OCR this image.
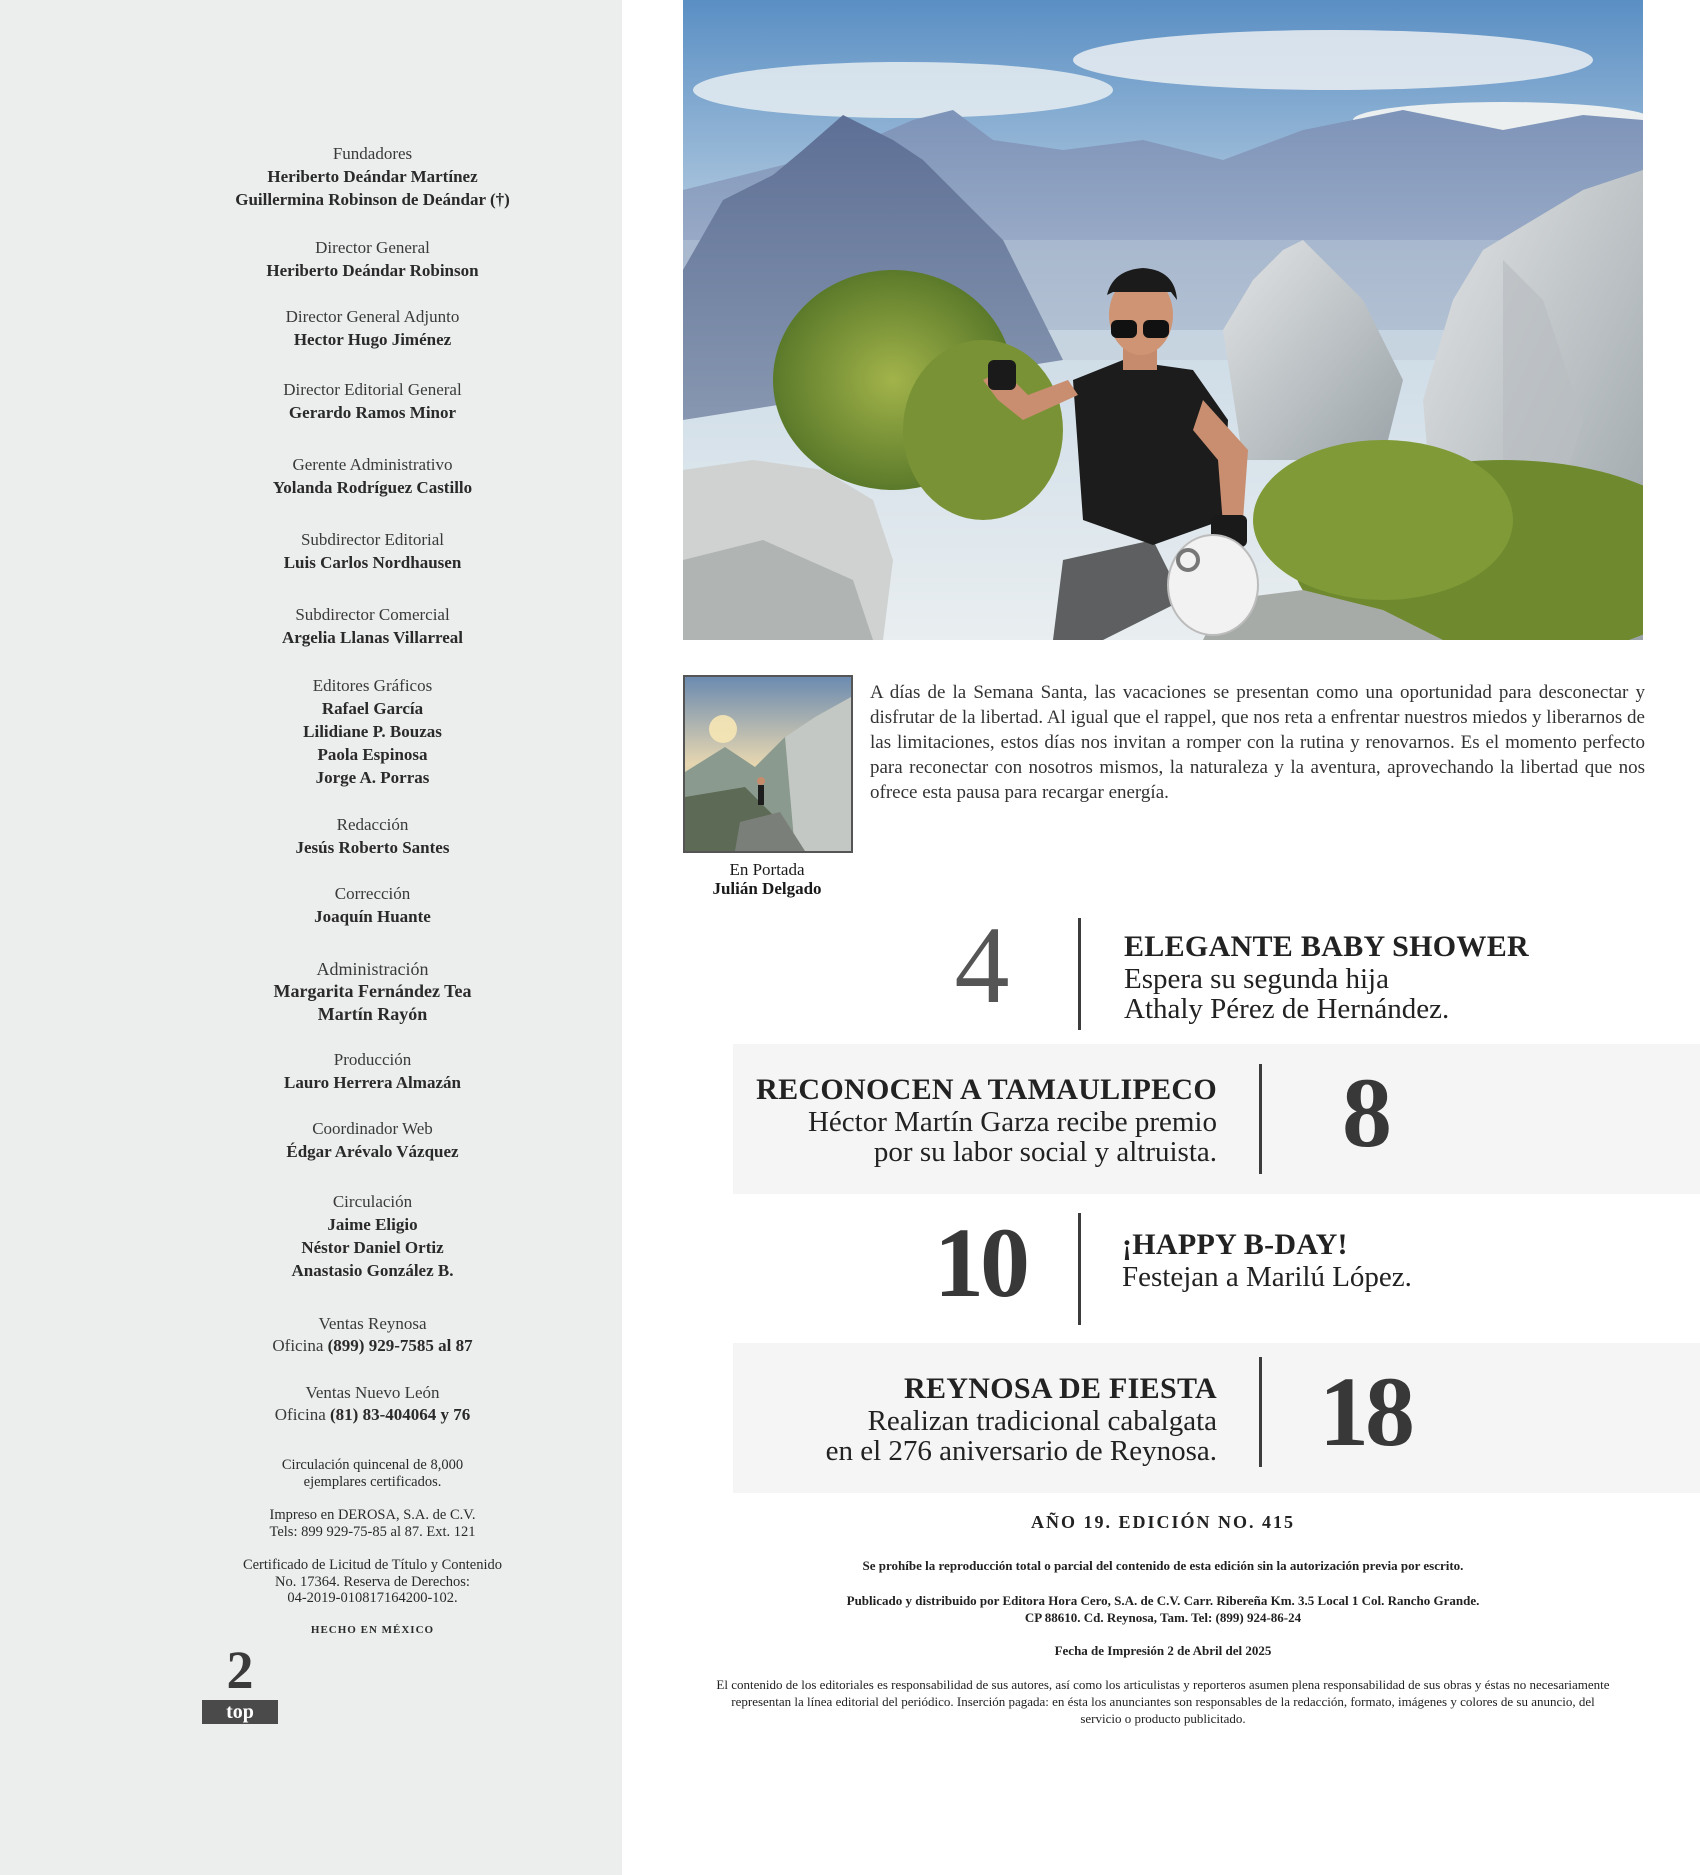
Fundadores
Heriberto Deándar Martínez
Guillermina Robinson de Deándar (†)
Director General
Heriberto Deándar Robinson
Director General Adjunto
Hector Hugo Jiménez
Director Editorial General
Gerardo Ramos Minor
Gerente Administrativo
Yolanda Rodríguez Castillo
Subdirector Editorial
Luis Carlos Nordhausen
Subdirector Comercial
Argelia Llanas Villarreal
Editores Gráficos
Rafael García
Lilidiane P. Bouzas
Paola Espinosa
Jorge A. Porras
Redacción
Jesús Roberto Santes
Corrección
Joaquín Huante
Administración
Margarita Fernández Tea
Martín Rayón
Producción
Lauro Herrera Almazán
Coordinador Web
Édgar Arévalo Vázquez
Circulación
Jaime Eligio
Néstor Daniel Ortiz
Anastasio González B.
Ventas Reynosa
Oficina (899) 929-7585 al 87
Ventas Nuevo León
Oficina (81) 83-404064 y 76
Circulación quincenal de 8,000
ejemplares certificados.
Impreso en DEROSA, S.A. de C.V.
Tels: 899 929-75-85 al 87. Ext. 121
Certificado de Licitud de Título y Contenido
No. 17364. Reserva de Derechos:
04-2019-010817164200-102.
HECHO EN MÉXICO
2
top
En Portada
Julián Delgado
A días de la Semana Santa, las vacaciones se presentan como una oportunidad para desconectar y disfrutar de la libertad. Al igual que el rappel, que nos reta a enfrentar nuestros miedos y liberarnos de las limitaciones, estos días nos invitan a romper con la rutina y renovarnos. Es el momento perfecto para reconectar con nosotros mismos, la naturaleza y la aventura, aprovechando la libertad que nos ofrece esta pausa para recargar energía.
4	ELEGANTE BABY SHOWER
Espera su segunda hija
Athaly Pérez de Hernández.
RECONOCEN A TAMAULIPECO
Héctor Martín Garza recibe premio
por su labor social y altruista.	8
10	¡HAPPY B-DAY!
Festejan a Marilú López.
REYNOSA DE FIESTA
Realizan tradicional cabalgata
en el 276 aniversario de Reynosa. 18
AÑO 19. EDICIÓN NO. 415
Se prohíbe la reproducción total o parcial del contenido de esta edición sin la autorización previa por escrito.
Publicado y distribuido por Editora Hora Cero, S.A. de C.V. Carr. Ribereña Km. 3.5 Local 1 Col. Rancho Grande.
CP 88610. Cd. Reynosa, Tam. Tel: (899) 924-86-24
Fecha de Impresión 2 de Abril del 2025
El contenido de los editoriales es responsabilidad de sus autores, así como los articulistas y reporteros asumen plena responsabilidad de sus obras y éstas no necesariamente representan la línea editorial del periódico. Inserción pagada: en ésta los anunciantes son responsables de la redacción, formato, imágenes y colores de su anuncio, del servicio o producto publicitado.
